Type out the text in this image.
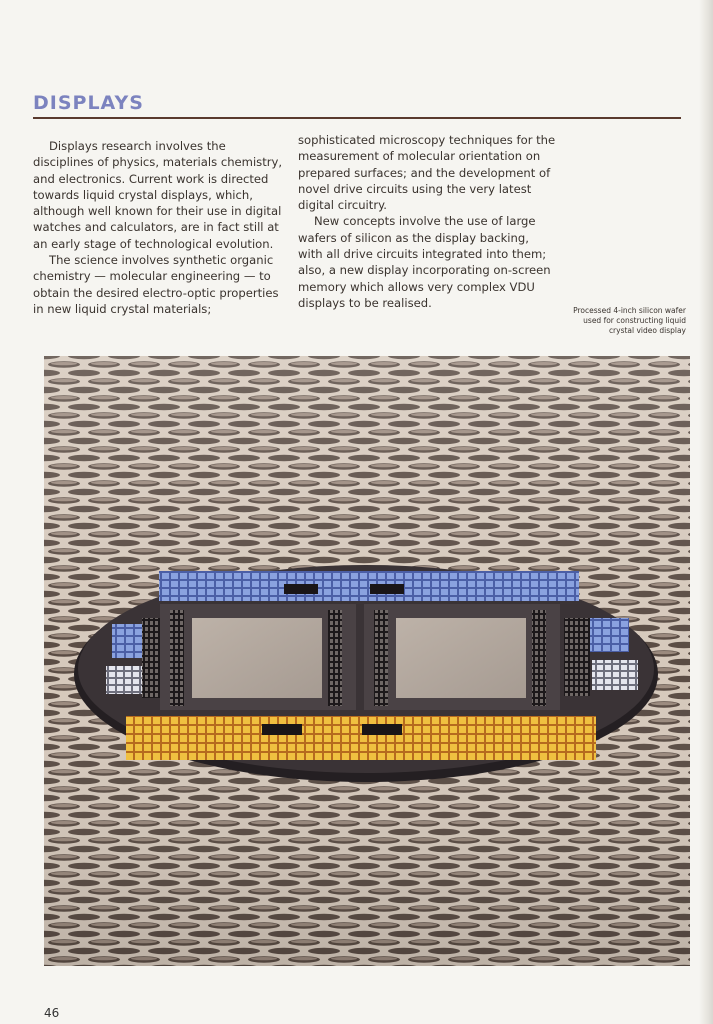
DISPLAYS

Displays research involves the disciplines of physics, materials chemistry, and electronics. Current work is directed towards liquid crystal displays, which, although well known for their use in digital watches and calculators, are in fact still at an early stage of technological evolution.

The science involves synthetic organic chemistry — molecular engineering — to obtain the desired electro-optic properties in new liquid crystal materials;

sophisticated microscopy techniques for the measurement of molecular orientation on prepared surfaces; and the development of novel drive circuits using the very latest digital circuitry.

New concepts involve the use of large wafers of silicon as the display backing, with all drive circuits integrated into them; also, a new display incorporating on-screen memory which allows very complex VDU displays to be realised.

Processed 4-inch silicon wafer used for constructing liquid crystal video display
46
